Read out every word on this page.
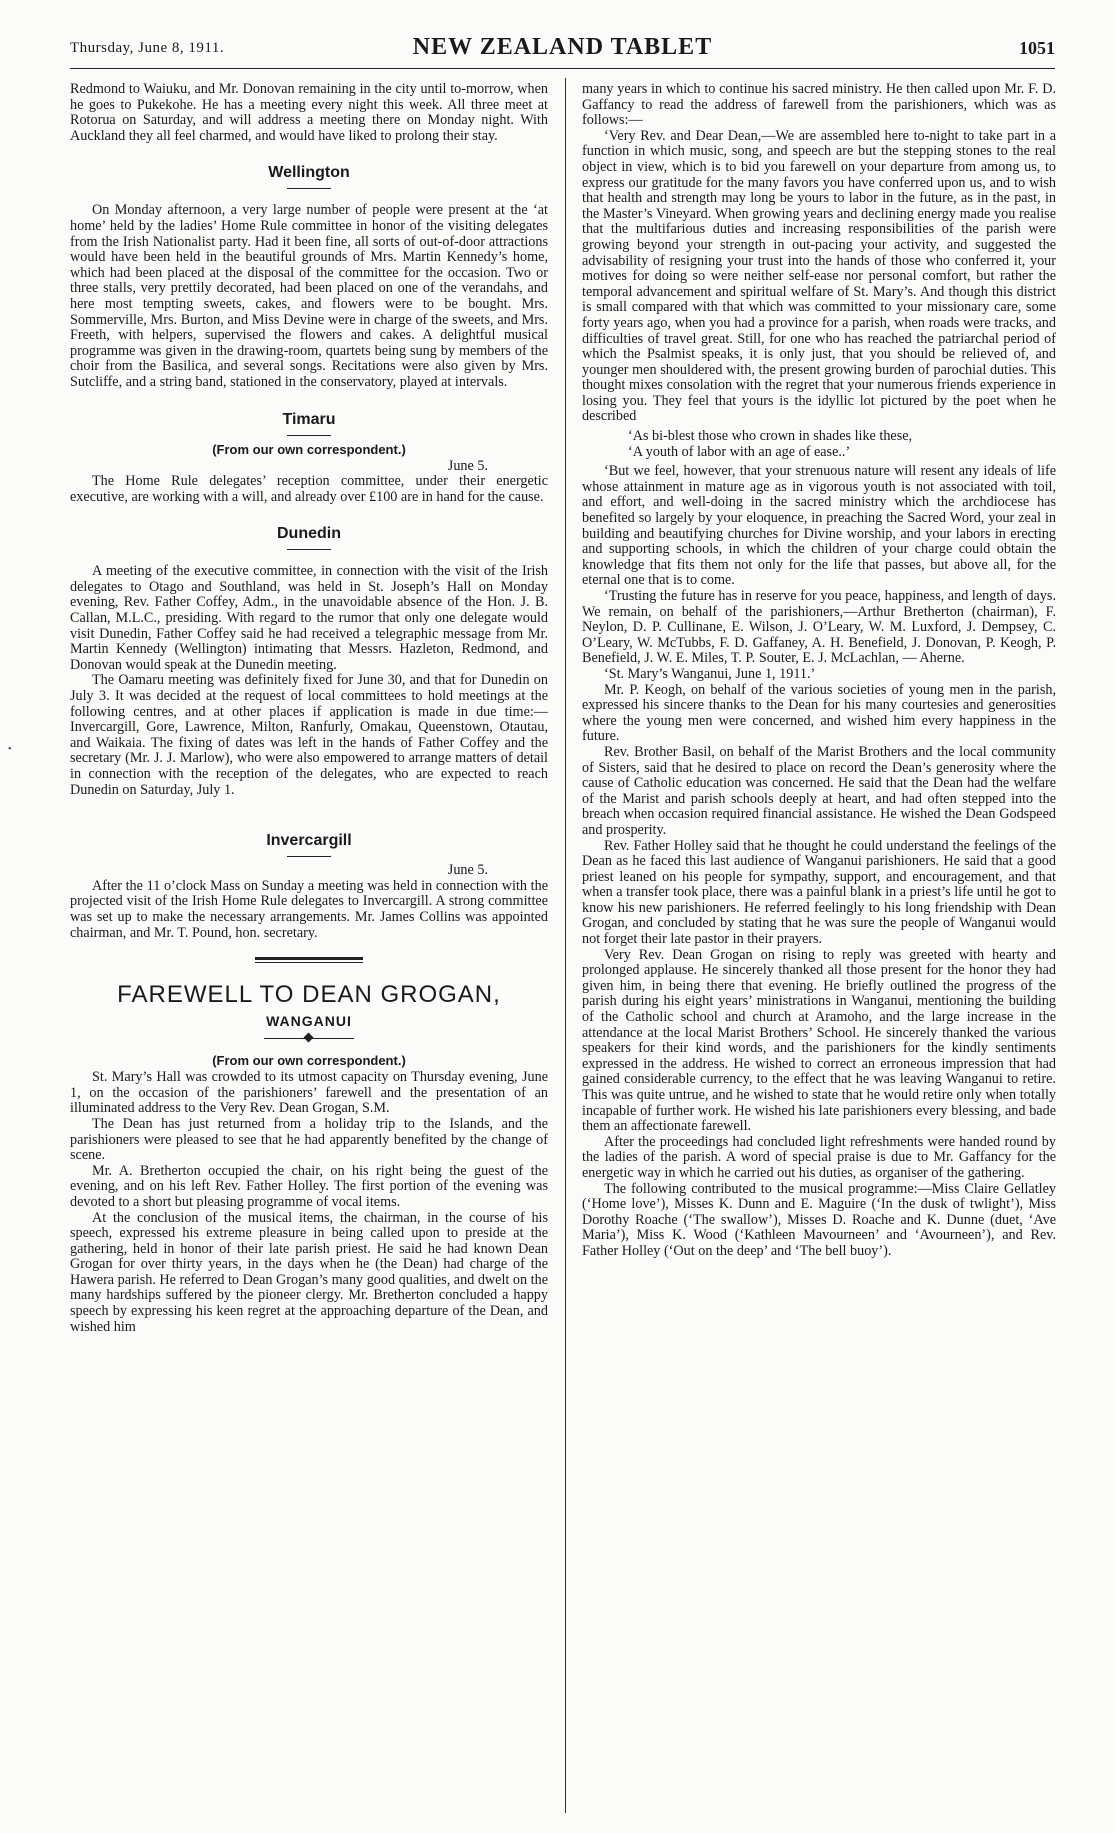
Thursday, June 8, 1911.	NEW ZEALAND TABLET	1051
•

Redmond to Waiuku, and Mr. Donovan remaining in the city until to-morrow, when he goes to Pukekohe. He has a meeting every night this week. All three meet at Rotorua on Saturday, and will address a meeting there on Monday night. With Auckland they all feel charmed, and would have liked to prolong their stay.

Wellington

On Monday afternoon, a very large number of people were present at the ‘at home’ held by the ladies’ Home Rule committee in honor of the visiting delegates from the Irish Nationalist party. Had it been fine, all sorts of out-of-door attractions would have been held in the beautiful grounds of Mrs. Martin Kennedy’s home, which had been placed at the disposal of the committee for the occasion. Two or three stalls, very prettily decorated, had been placed on one of the verandahs, and here most tempting sweets, cakes, and flowers were to be bought. Mrs. Sommerville, Mrs. Burton, and Miss Devine were in charge of the sweets, and Mrs. Freeth, with helpers, supervised the flowers and cakes. A delightful musical programme was given in the drawing-room, quartets being sung by members of the choir from the Basilica, and several songs. Recitations were also given by Mrs. Sutcliffe, and a string band, stationed in the conservatory, played at intervals.

Timaru
(From our own correspondent.)

June 5.

The Home Rule delegates’ reception committee, under their energetic executive, are working with a will, and already over £100 are in hand for the cause.

Dunedin

A meeting of the executive committee, in connection with the visit of the Irish delegates to Otago and Southland, was held in St. Joseph’s Hall on Monday evening, Rev. Father Coffey, Adm., in the unavoidable absence of the Hon. J. B. Callan, M.L.C., presiding. With regard to the rumor that only one delegate would visit Dunedin, Father Coffey said he had received a telegraphic message from Mr. Martin Kennedy (Wellington) intimating that Messrs. Hazleton, Redmond, and Donovan would speak at the Dunedin meeting.

The Oamaru meeting was definitely fixed for June 30, and that for Dunedin on July 3. It was decided at the request of local committees to hold meetings at the following centres, and at other places if application is made in due time:—Invercargill, Gore, Lawrence, Milton, Ranfurly, Omakau, Queenstown, Otautau, and Waikaia. The fixing of dates was left in the hands of Father Coffey and the secretary (Mr. J. J. Marlow), who were also empowered to arrange matters of detail in connection with the reception of the delegates, who are expected to reach Dunedin on Saturday, July 1.

Invercargill

June 5.

After the 11 o’clock Mass on Sunday a meeting was held in connection with the projected visit of the Irish Home Rule delegates to Invercargill. A strong committee was set up to make the necessary arrangements. Mr. James Collins was appointed chairman, and Mr. T. Pound, hon. secretary.

FAREWELL TO DEAN GROGAN,
WANGANUI
(From our own correspondent.)

St. Mary’s Hall was crowded to its utmost capacity on Thursday evening, June 1, on the occasion of the parishioners’ farewell and the presentation of an illuminated address to the Very Rev. Dean Grogan, S.M.

The Dean has just returned from a holiday trip to the Islands, and the parishioners were pleased to see that he had apparently benefited by the change of scene.

Mr. A. Bretherton occupied the chair, on his right being the guest of the evening, and on his left Rev. Father Holley. The first portion of the evening was devoted to a short but pleasing programme of vocal items.

At the conclusion of the musical items, the chairman, in the course of his speech, expressed his extreme pleasure in being called upon to preside at the gathering, held in honor of their late parish priest. He said he had known Dean Grogan for over thirty years, in the days when he (the Dean) had charge of the Hawera parish. He referred to Dean Grogan’s many good qualities, and dwelt on the many hardships suffered by the pioneer clergy. Mr. Bretherton concluded a happy speech by expressing his keen regret at the approaching departure of the Dean, and wished him

many years in which to continue his sacred ministry. He then called upon Mr. F. D. Gaffancy to read the address of farewell from the parishioners, which was as follows:—

‘Very Rev. and Dear Dean,—We are assembled here to-night to take part in a function in which music, song, and speech are but the stepping stones to the real object in view, which is to bid you farewell on your departure from among us, to express our gratitude for the many favors you have conferred upon us, and to wish that health and strength may long be yours to labor in the future, as in the past, in the Master’s Vineyard. When growing years and declining energy made you realise that the multifarious duties and increasing responsibilities of the parish were growing beyond your strength in out-pacing your activity, and suggested the advisability of resigning your trust into the hands of those who conferred it, your motives for doing so were neither self-ease nor personal comfort, but rather the temporal advancement and spiritual welfare of St. Mary’s. And though this district is small compared with that which was committed to your missionary care, some forty years ago, when you had a province for a parish, when roads were tracks, and difficulties of travel great. Still, for one who has reached the patriarchal period of which the Psalmist speaks, it is only just, that you should be relieved of, and younger men shouldered with, the present growing burden of parochial duties. This thought mixes consolation with the regret that your numerous friends experience in losing you. They feel that yours is the idyllic lot pictured by the poet when he described

‘As bi-blest those who crown in shades like these,

‘A youth of labor with an age of ease..’

‘But we feel, however, that your strenuous nature will resent any ideals of life whose attainment in mature age as in vigorous youth is not associated with toil, and effort, and well-doing in the sacred ministry which the archdiocese has benefited so largely by your eloquence, in preaching the Sacred Word, your zeal in building and beautifying churches for Divine worship, and your labors in erecting and supporting schools, in which the children of your charge could obtain the knowledge that fits them not only for the life that passes, but above all, for the eternal one that is to come.

‘Trusting the future has in reserve for you peace, happiness, and length of days. We remain, on behalf of the parishioners,—Arthur Bretherton (chairman), F. Neylon, D. P. Cullinane, E. Wilson, J. O’Leary, W. M. Luxford, J. Dempsey, C. O’Leary, W. McTubbs, F. D. Gaffaney, A. H. Benefield, J. Donovan, P. Keogh, P. Benefield, J. W. E. Miles, T. P. Souter, E. J. McLachlan, — Aherne.

‘St. Mary’s Wanganui, June 1, 1911.’

Mr. P. Keogh, on behalf of the various societies of young men in the parish, expressed his sincere thanks to the Dean for his many courtesies and generosities where the young men were concerned, and wished him every happiness in the future.

Rev. Brother Basil, on behalf of the Marist Brothers and the local community of Sisters, said that he desired to place on record the Dean’s generosity where the cause of Catholic education was concerned. He said that the Dean had the welfare of the Marist and parish schools deeply at heart, and had often stepped into the breach when occasion required financial assistance. He wished the Dean Godspeed and prosperity.

Rev. Father Holley said that he thought he could understand the feelings of the Dean as he faced this last audience of Wanganui parishioners. He said that a good priest leaned on his people for sympathy, support, and encouragement, and that when a transfer took place, there was a painful blank in a priest’s life until he got to know his new parishioners. He referred feelingly to his long friendship with Dean Grogan, and concluded by stating that he was sure the people of Wanganui would not forget their late pastor in their prayers.

Very Rev. Dean Grogan on rising to reply was greeted with hearty and prolonged applause. He sincerely thanked all those present for the honor they had given him, in being there that evening. He briefly outlined the progress of the parish during his eight years’ ministrations in Wanganui, mentioning the building of the Catholic school and church at Aramoho, and the large increase in the attendance at the local Marist Brothers’ School. He sincerely thanked the various speakers for their kind words, and the parishioners for the kindly sentiments expressed in the address. He wished to correct an erroneous impression that had gained considerable currency, to the effect that he was leaving Wanganui to retire. This was quite untrue, and he wished to state that he would retire only when totally incapable of further work. He wished his late parishioners every blessing, and bade them an affectionate farewell.

After the proceedings had concluded light refreshments were handed round by the ladies of the parish. A word of special praise is due to Mr. Gaffancy for the energetic way in which he carried out his duties, as organiser of the gathering.

The following contributed to the musical programme:—Miss Claire Gellatley (‘Home love’), Misses K. Dunn and E. Maguire (‘In the dusk of twlight’), Miss Dorothy Roache (‘The swallow’), Misses D. Roache and K. Dunne (duet, ‘Ave Maria’), Miss K. Wood (‘Kathleen Mavourneen’ and ‘Avourneen’), and Rev. Father Holley (‘Out on the deep’ and ‘The bell buoy’).
